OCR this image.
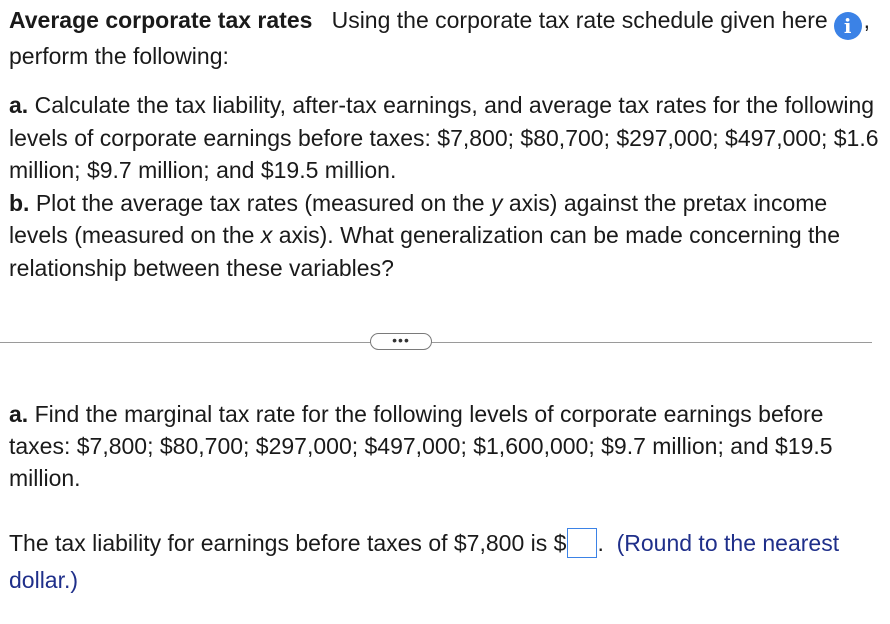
Average corporate tax rates Using the corporate tax rate schedule given here i , perform the following:
a. Calculate the tax liability, after-tax earnings, and average tax rates for the following levels of corporate earnings before taxes: $7,800; $80,700; $297,000; $497,000; $1.6 million; $9.7 million; and $19.5 million.
b. Plot the average tax rates (measured on the y axis) against the pretax income levels (measured on the x axis). What generalization can be made concerning the relationship between these variables?
•••
a. Find the marginal tax rate for the following levels of corporate earnings before taxes: $7,800; $80,700; $297,000; $497,000; $1,600,000; $9.7 million; and $19.5 million.
The tax liability for earnings before taxes of $7,800 is $ . (Round to the nearest dollar.)
